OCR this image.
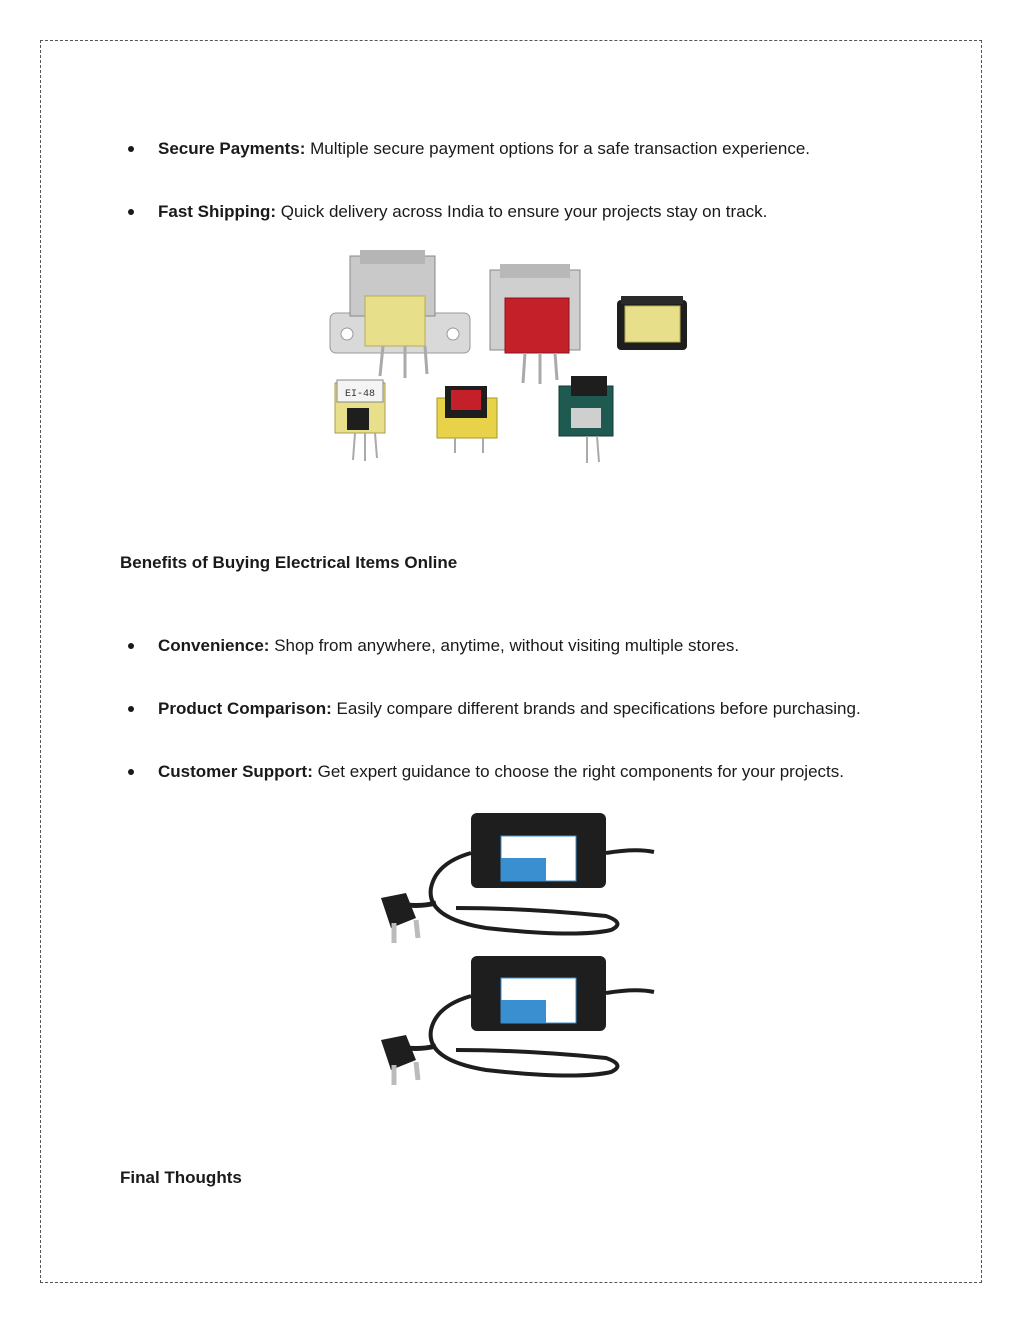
Secure Payments: Multiple secure payment options for a safe transaction experience.
Fast Shipping: Quick delivery across India to ensure your projects stay on track.
EI-48
Benefits of Buying Electrical Items Online
Convenience: Shop from anywhere, anytime, without visiting multiple stores.
Product Comparison: Easily compare different brands and specifications before purchasing.
Customer Support: Get expert guidance to choose the right components for your projects.
Final Thoughts
